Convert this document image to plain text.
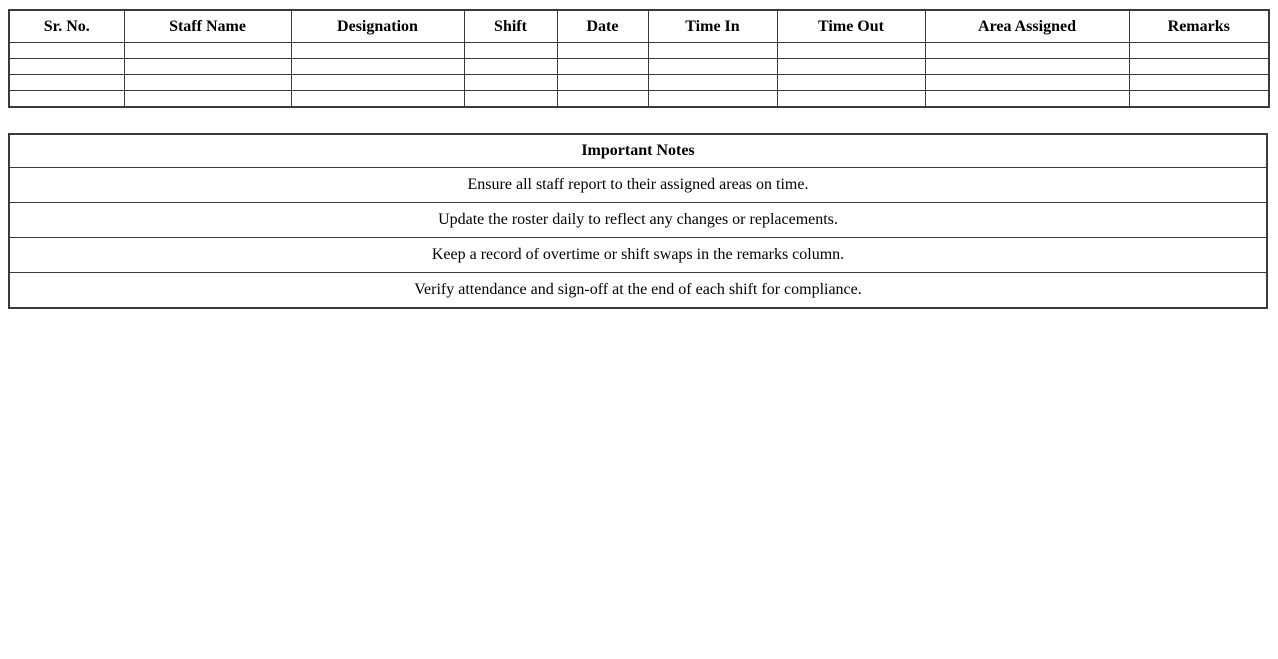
Sr. No.	Staff Name	Designation	Shift	Date	Time In	Time Out	Area Assigned	Remarks

Important Notes
Ensure all staff report to their assigned areas on time.
Update the roster daily to reflect any changes or replacements.
Keep a record of overtime or shift swaps in the remarks column.
Verify attendance and sign-off at the end of each shift for compliance.
